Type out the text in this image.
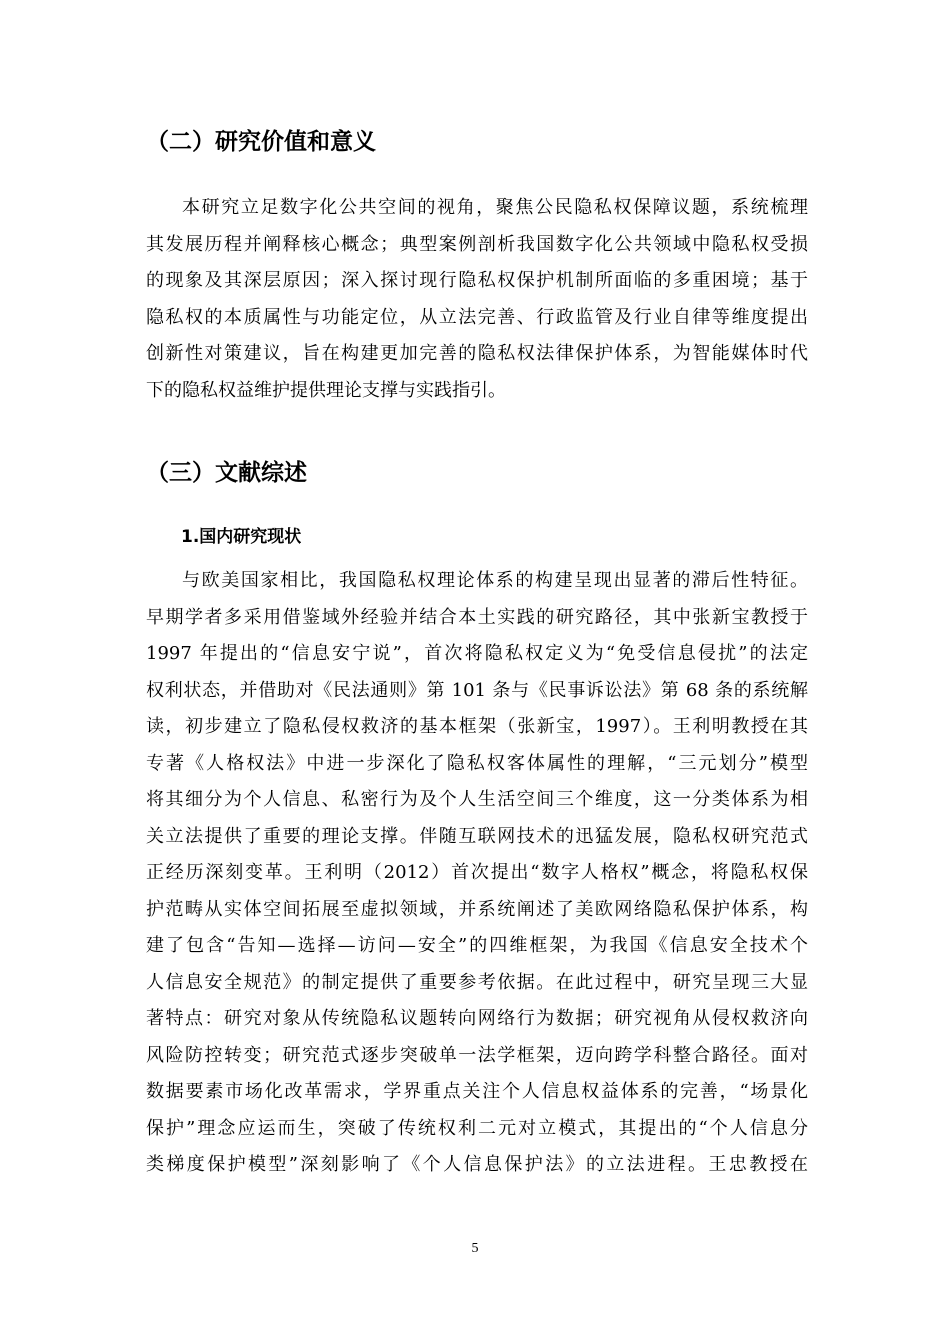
（二）研究价值和意义
本研究立足数字化公共空间的视角，聚焦公民隐私权保障议题，系统梳理
其发展历程并阐释核心概念；典型案例剖析我国数字化公共领域中隐私权受损
的现象及其深层原因；深入探讨现行隐私权保护机制所面临的多重困境；基于
隐私权的本质属性与功能定位，从立法完善、行政监管及行业自律等维度提出
创新性对策建议，旨在构建更加完善的隐私权法律保护体系，为智能媒体时代
下的隐私权益维护提供理论支撑与实践指引。
（三）文献综述
1.国内研究现状
与欧美国家相比，我国隐私权理论体系的构建呈现出显著的滞后性特征。
早期学者多采用借鉴域外经验并结合本土实践的研究路径，其中张新宝教授于
1997 年提出的“信息安宁说”，首次将隐私权定义为“免受信息侵扰”的法定
权利状态，并借助对《民法通则》第 101 条与《民事诉讼法》第 68 条的系统解
读，初步建立了隐私侵权救济的基本框架（张新宝，1997）。王利明教授在其
专著《人格权法》中进一步深化了隐私权客体属性的理解，“三元划分”模型
将其细分为个人信息、私密行为及个人生活空间三个维度，这一分类体系为相
关立法提供了重要的理论支撑。伴随互联网技术的迅猛发展，隐私权研究范式
正经历深刻变革。王利明（2012）首次提出“数字人格权”概念，将隐私权保
护范畴从实体空间拓展至虚拟领域，并系统阐述了美欧网络隐私保护体系，构
建了包含“告知—选择—访问—安全”的四维框架，为我国《信息安全技术个
人信息安全规范》的制定提供了重要参考依据。在此过程中，研究呈现三大显
著特点：研究对象从传统隐私议题转向网络行为数据；研究视角从侵权救济向
风险防控转变；研究范式逐步突破单一法学框架，迈向跨学科整合路径。面对
数据要素市场化改革需求，学界重点关注个人信息权益体系的完善，“场景化
保护”理念应运而生，突破了传统权利二元对立模式，其提出的“个人信息分
类梯度保护模型”深刻影响了《个人信息保护法》的立法进程。王忠教授在
5
